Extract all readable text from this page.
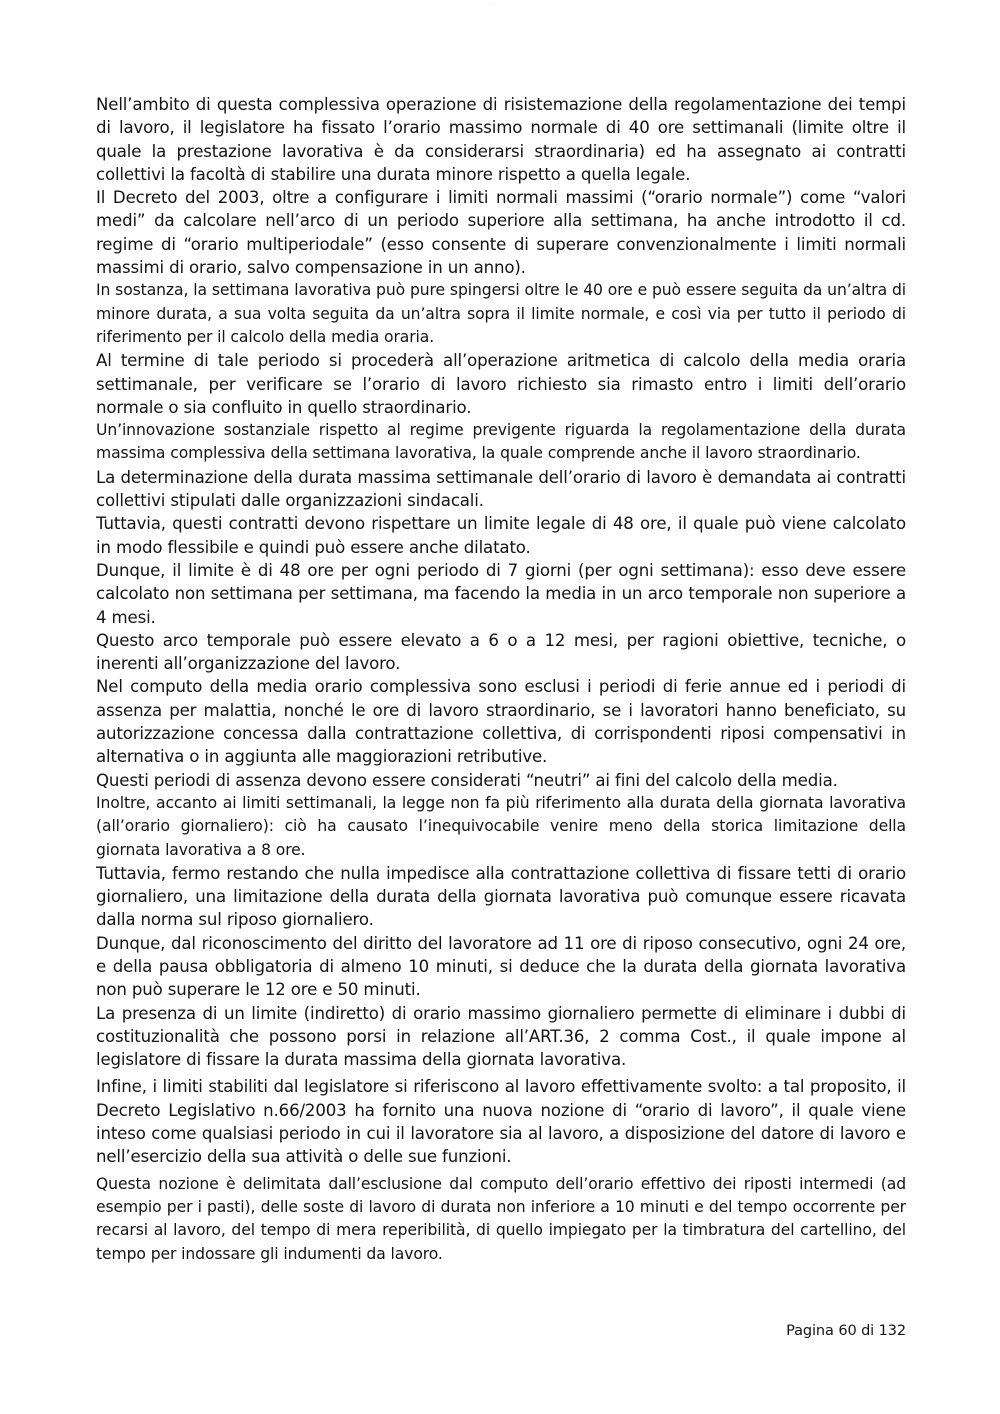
· · ·

Nell’ambito di questa complessiva operazione di risistemazione della regolamentazione dei tempi di lavoro, il legislatore ha fissato l’orario massimo normale di 40 ore settimanali (limite oltre il quale la prestazione lavorativa è da considerarsi straordinaria) ed ha assegnato ai contratti collettivi la facoltà di stabilire una durata minore rispetto a quella legale.

Il Decreto del 2003, oltre a configurare i limiti normali massimi (“orario normale”) come “valori medi” da calcolare nell’arco di un periodo superiore alla settimana, ha anche introdotto il cd. regime di “orario multiperiodale” (esso consente di superare convenzionalmente i limiti normali massimi di orario, salvo compensazione in un anno).

In sostanza, la settimana lavorativa può pure spingersi oltre le 40 ore e può essere seguita da un’altra di minore durata, a sua volta seguita da un’altra sopra il limite normale, e così via per tutto il periodo di riferimento per il calcolo della media oraria.

Al termine di tale periodo si procederà all’operazione aritmetica di calcolo della media oraria settimanale, per verificare se l’orario di lavoro richiesto sia rimasto entro i limiti dell’orario normale o sia confluito in quello straordinario.

Un’innovazione sostanziale rispetto al regime previgente riguarda la regolamentazione della durata massima complessiva della settimana lavorativa, la quale comprende anche il lavoro straordinario.

La determinazione della durata massima settimanale dell’orario di lavoro è demandata ai contratti collettivi stipulati dalle organizzazioni sindacali.

Tuttavia, questi contratti devono rispettare un limite legale di 48 ore, il quale può viene calcolato in modo flessibile e quindi può essere anche dilatato.

Dunque, il limite è di 48 ore per ogni periodo di 7 giorni (per ogni settimana): esso deve essere calcolato non settimana per settimana, ma facendo la media in un arco temporale non superiore a 4 mesi.

Questo arco temporale può essere elevato a 6 o a 12 mesi, per ragioni obiettive, tecniche, o inerenti all’organizzazione del lavoro.

Nel computo della media orario complessiva sono esclusi i periodi di ferie annue ed i periodi di assenza per malattia, nonché le ore di lavoro straordinario, se i lavoratori hanno beneficiato, su autorizzazione concessa dalla contrattazione collettiva, di corrispondenti riposi compensativi in alternativa o in aggiunta alle maggiorazioni retributive.

Questi periodi di assenza devono essere considerati “neutri” ai fini del calcolo della media.

Inoltre, accanto ai limiti settimanali, la legge non fa più riferimento alla durata della giornata lavorativa (all’orario giornaliero): ciò ha causato l’inequivocabile venire meno della storica limitazione della giornata lavorativa a 8 ore.

Tuttavia, fermo restando che nulla impedisce alla contrattazione collettiva di fissare tetti di orario giornaliero, una limitazione della durata della giornata lavorativa può comunque essere ricavata dalla norma sul riposo giornaliero.

Dunque, dal riconoscimento del diritto del lavoratore ad 11 ore di riposo consecutivo, ogni 24 ore, e della pausa obbligatoria di almeno 10 minuti, si deduce che la durata della giornata lavorativa non può superare le 12 ore e 50 minuti.

La presenza di un limite (indiretto) di orario massimo giornaliero permette di eliminare i dubbi di costituzionalità che possono porsi in relazione all’ART.36, 2 comma Cost., il quale impone al legislatore di fissare la durata massima della giornata lavorativa.

Infine, i limiti stabiliti dal legislatore si riferiscono al lavoro effettivamente svolto: a tal proposito, il Decreto Legislativo n.66/2003 ha fornito una nuova nozione di “orario di lavoro”, il quale viene inteso come qualsiasi periodo in cui il lavoratore sia al lavoro, a disposizione del datore di lavoro e nell’esercizio della sua attività o delle sue funzioni.

Questa nozione è delimitata dall’esclusione dal computo dell’orario effettivo dei riposti intermedi (ad esempio per i pasti), delle soste di lavoro di durata non inferiore a 10 minuti e del tempo occorrente per recarsi al lavoro, del tempo di mera reperibilità, di quello impiegato per la timbratura del cartellino, del tempo per indossare gli indumenti da lavoro.

Pagina 60 di 132
